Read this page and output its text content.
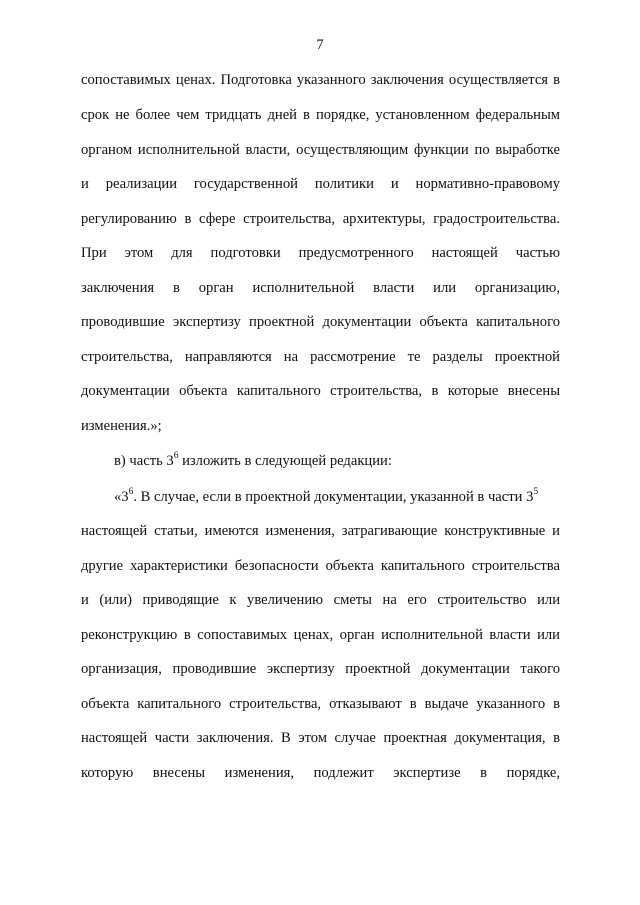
7
сопоставимых ценах. Подготовка указанного заключения осуществляется в
срок не более чем тридцать дней в порядке, установленном федеральным
органом исполнительной власти, осуществляющим функции по выработке
и реализации государственной политики и нормативно-правовому
регулированию в сфере строительства, архитектуры, градостроительства.
При этом для подготовки предусмотренного настоящей частью
заключения в орган исполнительной власти или организацию,
проводившие экспертизу проектной документации объекта капитального
строительства, направляются на рассмотрение те разделы проектной
документации объекта капитального строительства, в которые внесены
изменения.»;
в) часть $3^6$ изложить в следующей редакции:
«$3^6$. В случае, если в проектной документации, указанной в части $3^5$
настоящей статьи, имеются изменения, затрагивающие конструктивные и
другие характеристики безопасности объекта капитального строительства
и (или) приводящие к увеличению сметы на его строительство или
реконструкцию в сопоставимых ценах, орган исполнительной власти или
организация, проводившие экспертизу проектной документации такого
объекта капитального строительства, отказывают в выдаче указанного в
настоящей части заключения. В этом случае проектная документация, в
которую внесены изменения, подлежит экспертизе в порядке,
